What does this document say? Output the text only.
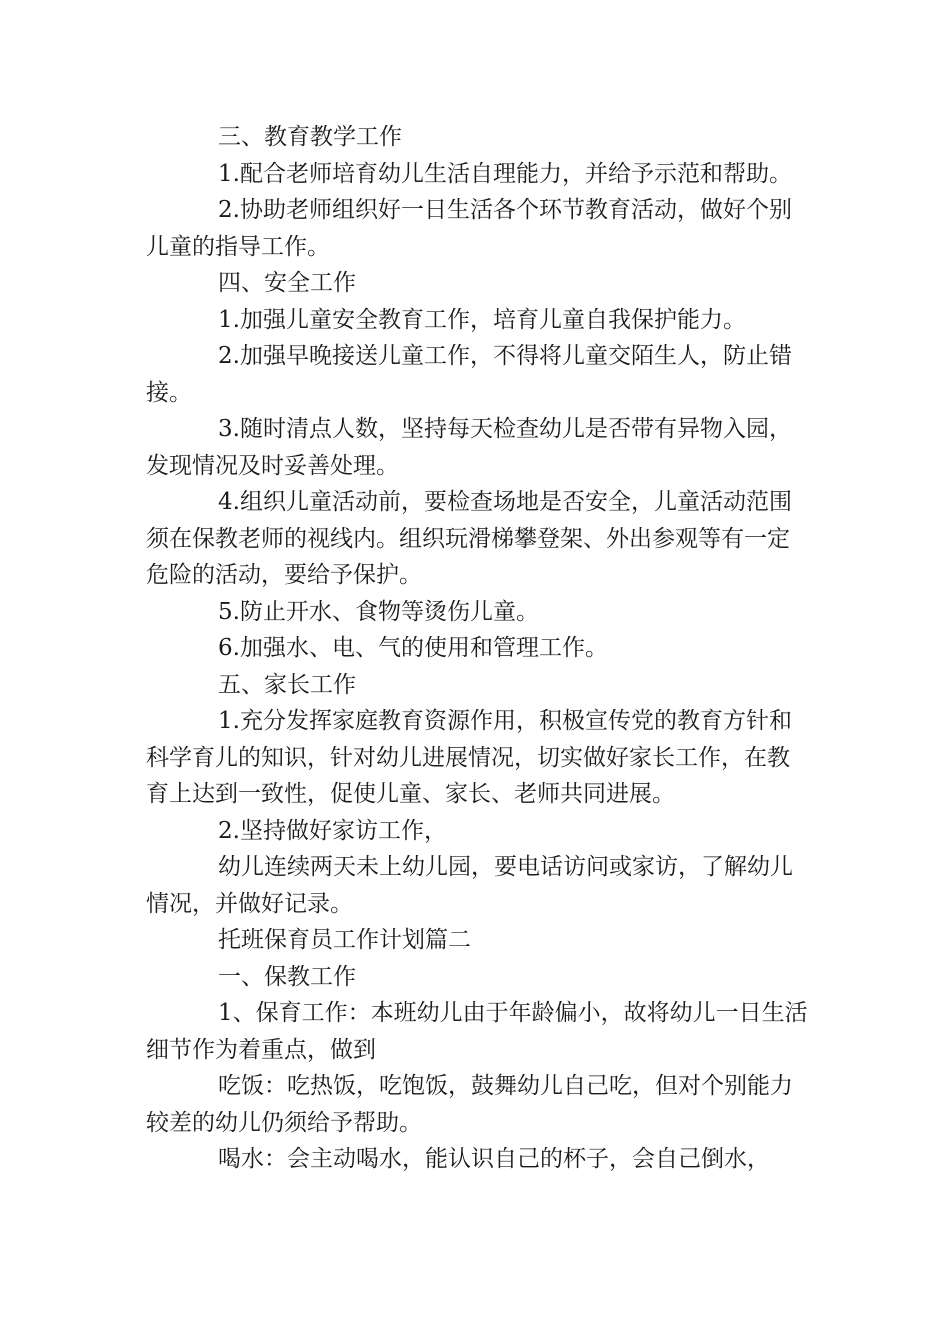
三、教育教学工作

1.配合老师培育幼儿生活自理能力，并给予示范和帮助。

2.协助老师组织好一日生活各个环节教育活动，做好个别儿童的指导工作。

四、安全工作

1.加强儿童安全教育工作，培育儿童自我保护能力。

2.加强早晚接送儿童工作，不得将儿童交陌生人，防止错接。

3.随时清点人数，坚持每天检查幼儿是否带有异物入园，发现情况及时妥善处理。

4.组织儿童活动前，要检查场地是否安全，儿童活动范围须在保教老师的视线内。组织玩滑梯攀登架、外出参观等有一定危险的活动，要给予保护。

5.防止开水、食物等烫伤儿童。

6.加强水、电、气的使用和管理工作。

五、家长工作

1.充分发挥家庭教育资源作用，积极宣传党的教育方针和科学育儿的知识，针对幼儿进展情况，切实做好家长工作，在教育上达到一致性，促使儿童、家长、老师共同进展。

2.坚持做好家访工作，

幼儿连续两天未上幼儿园，要电话访问或家访，了解幼儿情况，并做好记录。

托班保育员工作计划篇二

一、保教工作

1、保育工作：本班幼儿由于年龄偏小，故将幼儿一日生活细节作为着重点，做到

吃饭：吃热饭，吃饱饭，鼓舞幼儿自己吃，但对个别能力较差的幼儿仍须给予帮助。

喝水：会主动喝水，能认识自己的杯子，会自己倒水，
